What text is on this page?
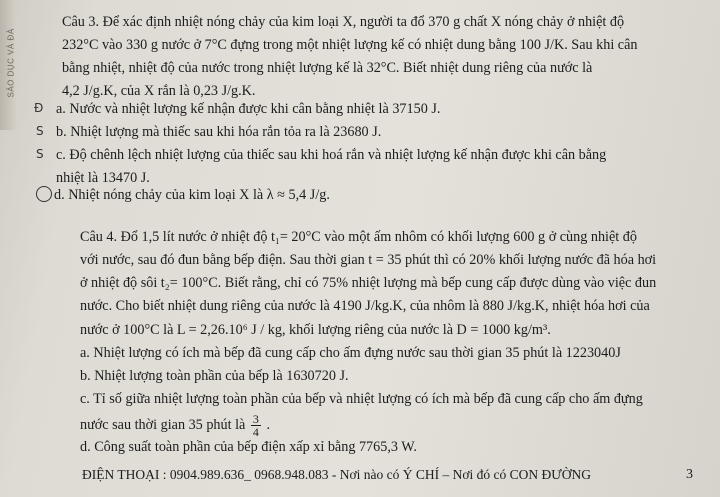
SÁO DỤC VÀ ĐÀ
Câu 3. Để xác định nhiệt nóng chảy của kim loại X, người ta đổ 370 g chất X nóng chảy ở nhiệt độ
232°C vào 330 g nước ở 7°C đựng trong một nhiệt lượng kế có nhiệt dung bằng 100 J/K. Sau khi cân
bằng nhiệt, nhiệt độ của nước trong nhiệt lượng kế là 32°C. Biết nhiệt dung riêng của nước là
4,2 J/g.K, của X rắn là 0,23 J/g.K.
Đ a. Nước và nhiệt lượng kế nhận được khi cân bằng nhiệt là 37150 J.
S b. Nhiệt lượng mà thiếc sau khi hóa rắn tỏa ra là 23680 J.
S c. Độ chênh lệch nhiệt lượng của thiếc sau khi hoá rắn và nhiệt lượng kế nhận được khi cân bằng
nhiệt là 13470 J.
d. Nhiệt nóng chảy của kim loại X là λ ≈ 5,4 J/g.
Câu 4. Đổ 1,5 lít nước ở nhiệt độ t₁= 20°C vào một ấm nhôm có khối lượng 600 g ở cùng nhiệt độ
với nước, sau đó đun bằng bếp điện. Sau thời gian t = 35 phút thì có 20% khối lượng nước đã hóa hơi
ở nhiệt độ sôi t₂= 100°C. Biết rằng, chỉ có 75% nhiệt lượng mà bếp cung cấp được dùng vào việc đun
nước. Cho biết nhiệt dung riêng của nước là 4190 J/kg.K, của nhôm là 880 J/kg.K, nhiệt hóa hơi của
nước ở 100°C là L = 2,26.10⁶ J / kg, khối lượng riêng của nước là D = 1000 kg/m³.
a. Nhiệt lượng có ích mà bếp đã cung cấp cho ấm đựng nước sau thời gian 35 phút là 1223040J
b. Nhiệt lượng toàn phần của bếp là 1630720 J.
c. Tỉ số giữa nhiệt lượng toàn phần của bếp và nhiệt lượng có ích mà bếp đã cung cấp cho ấm đựng
nước sau thời gian 35 phút là $\frac{3}{4}$ .
d. Công suất toàn phần của bếp điện xấp xỉ bằng 7765,3 W.
ĐIỆN THOẠI : 0904.989.636_ 0968.948.083 - Nơi nào có Ý CHÍ – Nơi đó có CON ĐƯỜNG	3
